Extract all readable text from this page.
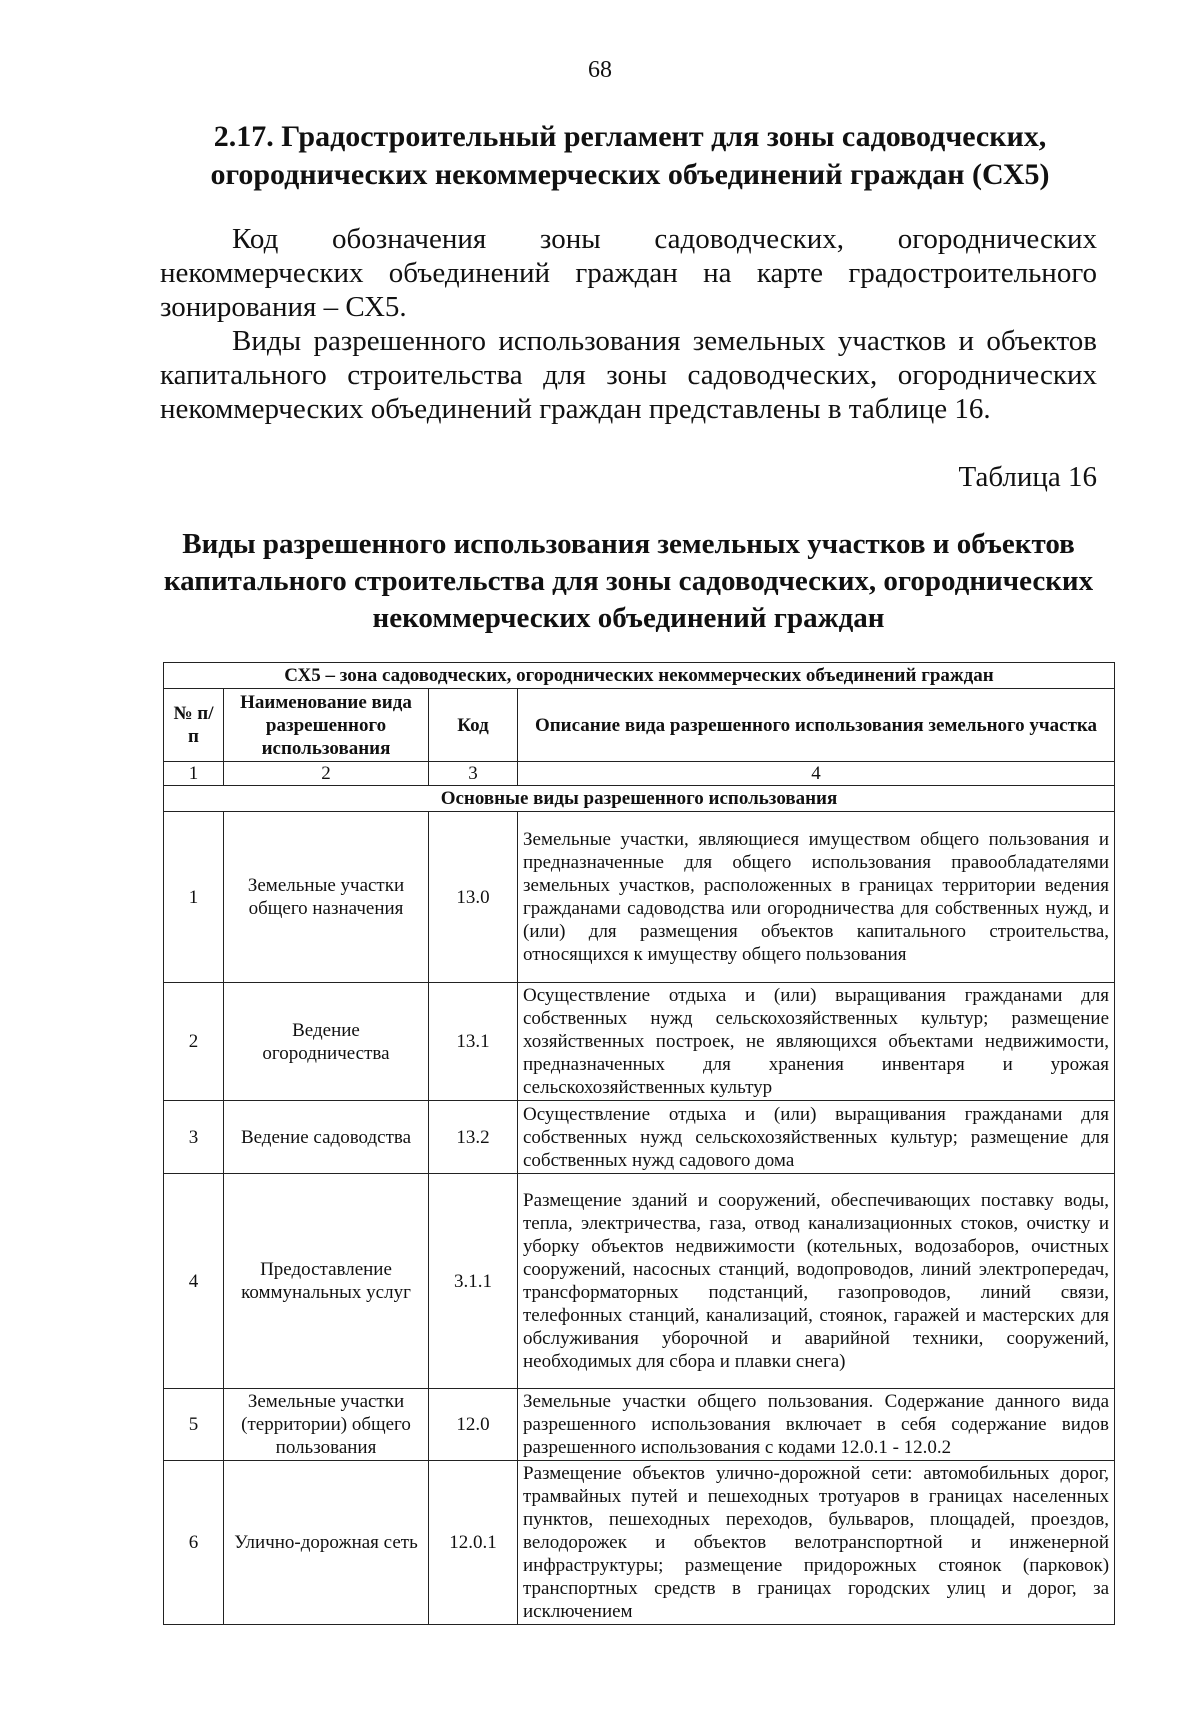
68
2.17. Градостроительный регламент для зоны садоводческих, огороднических некоммерческих объединений граждан (СХ5)
Код обозначения зоны садоводческих, огороднических некоммерческих объединений граждан на карте градостроительного зонирования – СХ5.
Виды разрешенного использования земельных участков и объектов капитального строительства для зоны садоводческих, огороднических некоммерческих объединений граждан представлены в таблице 16.
Таблица 16
Виды разрешенного использования земельных участков и объектов капитального строительства для зоны садоводческих, огороднических некоммерческих объединений граждан
СХ5 – зона садоводческих, огороднических некоммерческих объединений граждан			
№ п/п	Наименование вида разрешенного использования	Код	Описание вида разрешенного использования земельного участка
1	2	3	4
Основные виды разрешенного использования			
1	Земельные участки общего назначения	13.0	Земельные участки, являющиеся имуществом общего пользования и предназначенные для общего использования правообладателями земельных участков, расположенных в границах территории ведения гражданами садоводства или огородничества для собственных нужд, и (или) для размещения объектов капитального строительства, относящихся к имуществу общего пользования
2	Ведение огородничества	13.1	Осуществление отдыха и (или) выращивания гражданами для собственных нужд сельскохозяйственных культур; размещение хозяйственных построек, не являющихся объектами недвижимости, предназначенных для хранения инвентаря и урожая сельскохозяйственных культур
3	Ведение садоводства	13.2	Осуществление отдыха и (или) выращивания гражданами для собственных нужд сельскохозяйственных культур; размещение для собственных нужд садового дома
4	Предоставление коммунальных услуг	3.1.1	Размещение зданий и сооружений, обеспечивающих поставку воды, тепла, электричества, газа, отвод канализационных стоков, очистку и уборку объектов недвижимости (котельных, водозаборов, очистных сооружений, насосных станций, водопроводов, линий электропередач, трансформаторных подстанций, газопроводов, линий связи, телефонных станций, канализаций, стоянок, гаражей и мастерских для обслуживания уборочной и аварийной техники, сооружений, необходимых для сбора и плавки снега)
5	Земельные участки (территории) общего пользования	12.0	Земельные участки общего пользования. Содержание данного вида разрешенного использования включает в себя содержание видов разрешенного использования с кодами 12.0.1 - 12.0.2
6	Улично-дорожная сеть	12.0.1	Размещение объектов улично-дорожной сети: автомобильных дорог, трамвайных путей и пешеходных тротуаров в границах населенных пунктов, пешеходных переходов, бульваров, площадей, проездов, велодорожек и объектов велотранспортной и инженерной инфраструктуры; размещение придорожных стоянок (парковок) транспортных средств в границах городских улиц и дорог, за исключением
